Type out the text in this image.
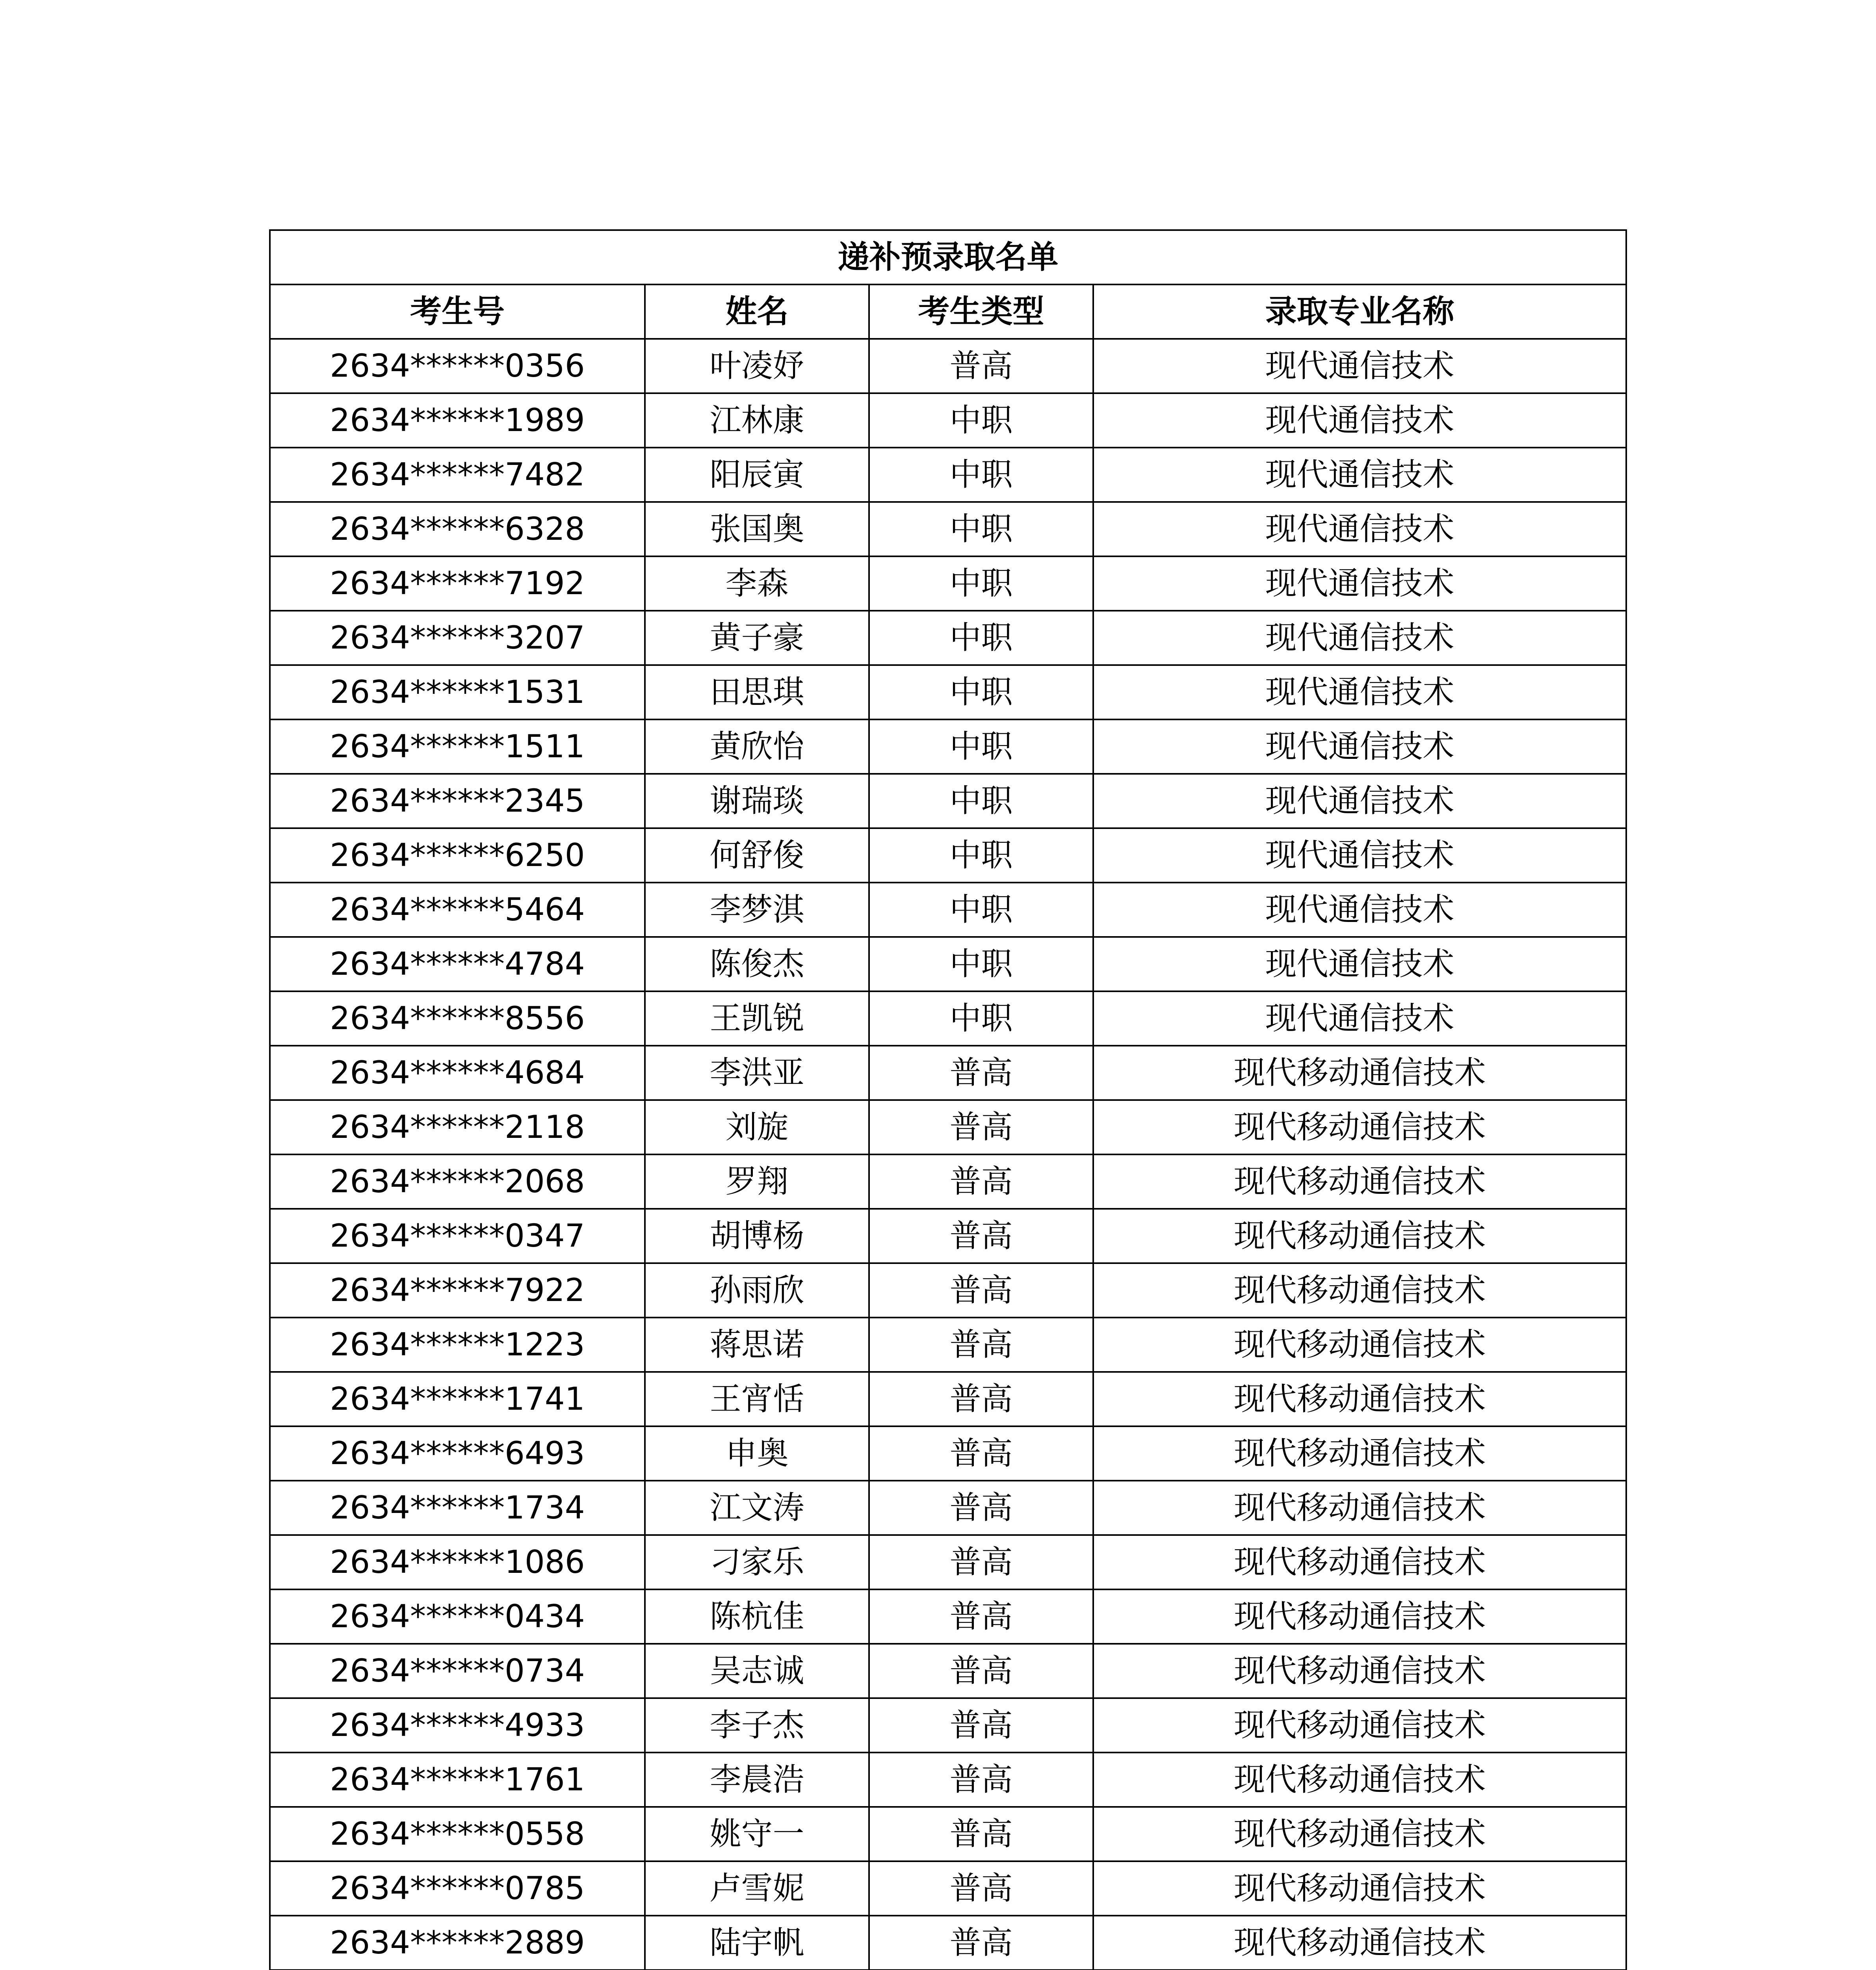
递补预录取名单			
考生号	姓名	考生类型	录取专业名称
2634******0356	叶凌妤	普高	现代通信技术
2634******1989	江林康	中职	现代通信技术
2634******7482	阳辰寅	中职	现代通信技术
2634******6328	张国奥	中职	现代通信技术
2634******7192	李森	中职	现代通信技术
2634******3207	黄子豪	中职	现代通信技术
2634******1531	田思琪	中职	现代通信技术
2634******1511	黄欣怡	中职	现代通信技术
2634******2345	谢瑞琰	中职	现代通信技术
2634******6250	何舒俊	中职	现代通信技术
2634******5464	李梦淇	中职	现代通信技术
2634******4784	陈俊杰	中职	现代通信技术
2634******8556	王凯锐	中职	现代通信技术
2634******4684	李洪亚	普高	现代移动通信技术
2634******2118	刘旋	普高	现代移动通信技术
2634******2068	罗翔	普高	现代移动通信技术
2634******0347	胡博杨	普高	现代移动通信技术
2634******7922	孙雨欣	普高	现代移动通信技术
2634******1223	蒋思诺	普高	现代移动通信技术
2634******1741	王宵恬	普高	现代移动通信技术
2634******6493	申奥	普高	现代移动通信技术
2634******1734	江文涛	普高	现代移动通信技术
2634******1086	刁家乐	普高	现代移动通信技术
2634******0434	陈杭佳	普高	现代移动通信技术
2634******0734	吴志诚	普高	现代移动通信技术
2634******4933	李子杰	普高	现代移动通信技术
2634******1761	李晨浩	普高	现代移动通信技术
2634******0558	姚守一	普高	现代移动通信技术
2634******0785	卢雪妮	普高	现代移动通信技术
2634******2889	陆宇帆	普高	现代移动通信技术
